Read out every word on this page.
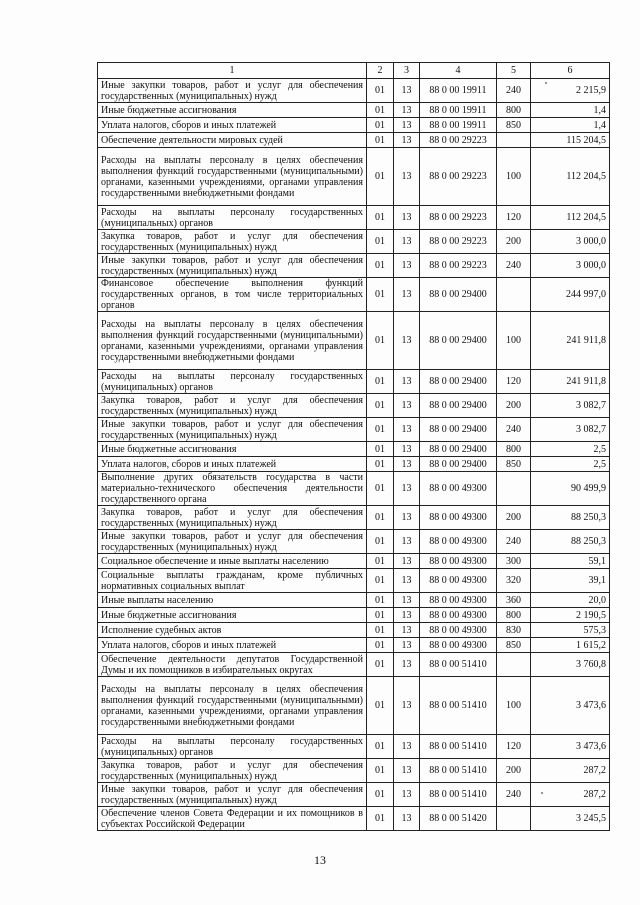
1	2	3	4	5	6
Иные закупки товаров, работ и услуг для обеспечения государственных (муниципальных) нужд	01	13	88 0 00 19911	240	2 215,9
Иные бюджетные ассигнования	01	13	88 0 00 19911	800	1,4
Уплата налогов, сборов и иных платежей	01	13	88 0 00 19911	850	1,4
Обеспечение деятельности мировых судей	01	13	88 0 00 29223		115 204,5
Расходы на выплаты персоналу в целях обеспечения выполнения функций государственными (муниципальными) органами, казенными учреждениями, органами управления государственными внебюджетными фондами	01	13	88 0 00 29223	100	112 204,5
Расходы на выплаты персоналу государственных (муниципальных) органов	01	13	88 0 00 29223	120	112 204,5
Закупка товаров, работ и услуг для обеспечения государственных (муниципальных) нужд	01	13	88 0 00 29223	200	3 000,0
Иные закупки товаров, работ и услуг для обеспечения государственных (муниципальных) нужд	01	13	88 0 00 29223	240	3 000,0
Финансовое обеспечение выполнения функций государственных органов, в том числе территориальных органов	01	13	88 0 00 29400		244 997,0
Расходы на выплаты персоналу в целях обеспечения выполнения функций государственными (муниципальными) органами, казенными учреждениями, органами управления государственными внебюджетными фондами	01	13	88 0 00 29400	100	241 911,8
Расходы на выплаты персоналу государственных (муниципальных) органов	01	13	88 0 00 29400	120	241 911,8
Закупка товаров, работ и услуг для обеспечения государственных (муниципальных) нужд	01	13	88 0 00 29400	200	3 082,7
Иные закупки товаров, работ и услуг для обеспечения государственных (муниципальных) нужд	01	13	88 0 00 29400	240	3 082,7
Иные бюджетные ассигнования	01	13	88 0 00 29400	800	2,5
Уплата налогов, сборов и иных платежей	01	13	88 0 00 29400	850	2,5
Выполнение других обязательств государства в части материально-технического обеспечения деятельности государственного органа	01	13	88 0 00 49300		90 499,9
Закупка товаров, работ и услуг для обеспечения государственных (муниципальных) нужд	01	13	88 0 00 49300	200	88 250,3
Иные закупки товаров, работ и услуг для обеспечения государственных (муниципальных) нужд	01	13	88 0 00 49300	240	88 250,3
Социальное обеспечение и иные выплаты населению	01	13	88 0 00 49300	300	59,1
Социальные выплаты гражданам, кроме публичных нормативных социальных выплат	01	13	88 0 00 49300	320	39,1
Иные выплаты населению	01	13	88 0 00 49300	360	20,0
Иные бюджетные ассигнования	01	13	88 0 00 49300	800	2 190,5
Исполнение судебных актов	01	13	88 0 00 49300	830	575,3
Уплата налогов, сборов и иных платежей	01	13	88 0 00 49300	850	1 615,2
Обеспечение деятельности депутатов Государственной Думы и их помощников в избирательных округах	01	13	88 0 00 51410		3 760,8
Расходы на выплаты персоналу в целях обеспечения выполнения функций государственными (муниципальными) органами, казенными учреждениями, органами управления государственными внебюджетными фондами	01	13	88 0 00 51410	100	3 473,6
Расходы на выплаты персоналу государственных (муниципальных) органов	01	13	88 0 00 51410	120	3 473,6
Закупка товаров, работ и услуг для обеспечения государственных (муниципальных) нужд	01	13	88 0 00 51410	200	287,2
Иные закупки товаров, работ и услуг для обеспечения государственных (муниципальных) нужд	01	13	88 0 00 51410	240	287,2
Обеспечение членов Совета Федерации и их помощников в субъектах Российской Федерации	01	13	88 0 00 51420		3 245,5
13
